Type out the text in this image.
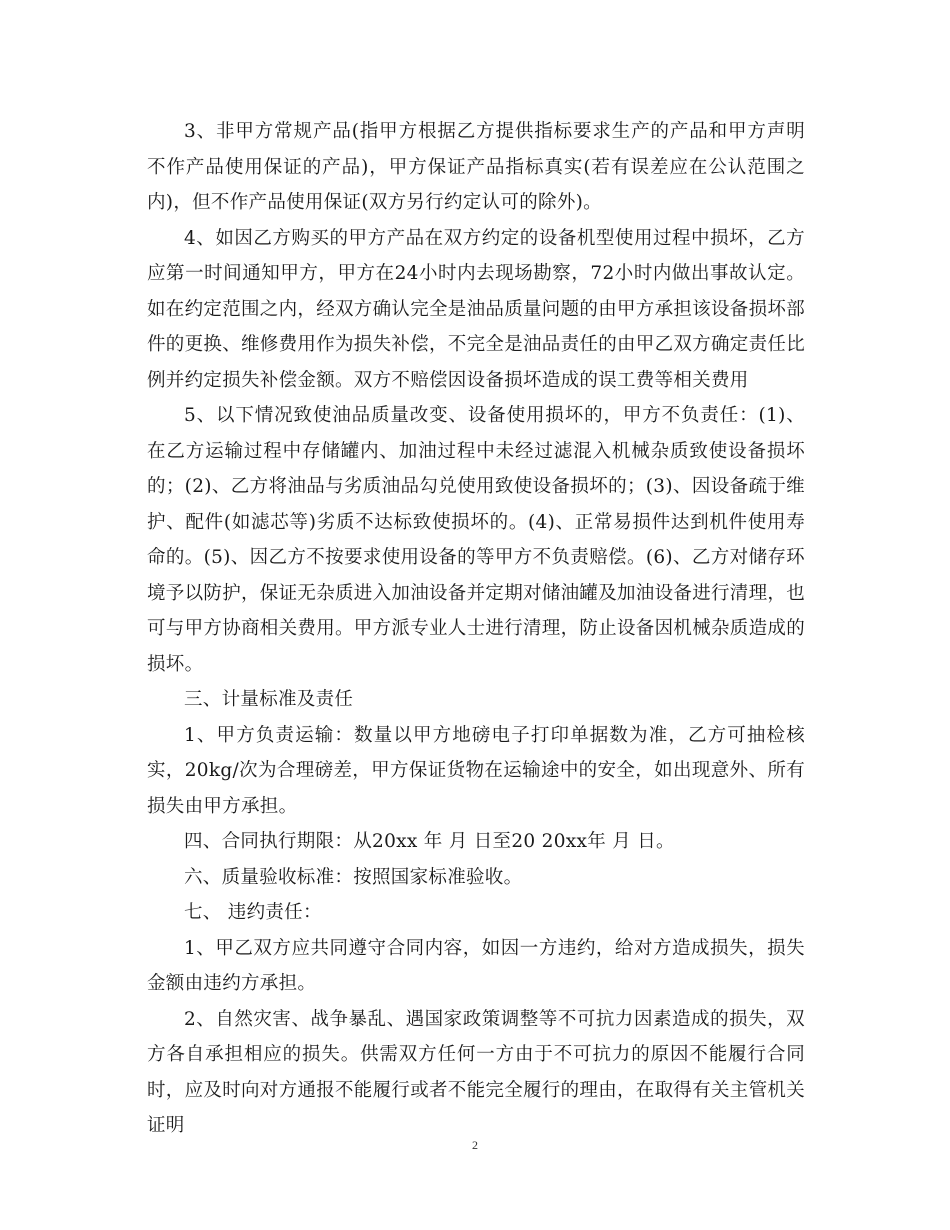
3、非甲方常规产品(指甲方根据乙方提供指标要求生产的产品和甲方声明不作产品使用保证的产品)，甲方保证产品指标真实(若有误差应在公认范围之内)，但不作产品使用保证(双方另行约定认可的除外)。

4、如因乙方购买的甲方产品在双方约定的设备机型使用过程中损坏，乙方应第一时间通知甲方，甲方在24小时内去现场勘察，72小时内做出事故认定。如在约定范围之内，经双方确认完全是油品质量问题的由甲方承担该设备损坏部件的更换、维修费用作为损失补偿，不完全是油品责任的由甲乙双方确定责任比例并约定损失补偿金额。双方不赔偿因设备损坏造成的误工费等相关费用

5、以下情况致使油品质量改变、设备使用损坏的，甲方不负责任：(1)、在乙方运输过程中存储罐内、加油过程中未经过滤混入机械杂质致使设备损坏的；(2)、乙方将油品与劣质油品勾兑使用致使设备损坏的；(3)、因设备疏于维护、配件(如滤芯等)劣质不达标致使损坏的。(4)、正常易损件达到机件使用寿命的。(5)、因乙方不按要求使用设备的等甲方不负责赔偿。(6)、乙方对储存环境予以防护，保证无杂质进入加油设备并定期对储油罐及加油设备进行清理，也可与甲方协商相关费用。甲方派专业人士进行清理，防止设备因机械杂质造成的损坏。

三、计量标准及责任

1、甲方负责运输：数量以甲方地磅电子打印单据数为准，乙方可抽检核实，20kg/次为合理磅差，甲方保证货物在运输途中的安全，如出现意外、所有损失由甲方承担。

四、合同执行期限：从20xx 年 月 日至20 20xx年 月 日。

六、质量验收标准：按照国家标准验收。

七、 违约责任：

1、甲乙双方应共同遵守合同内容，如因一方违约，给对方造成损失，损失金额由违约方承担。

2、自然灾害、战争暴乱、遇国家政策调整等不可抗力因素造成的损失，双方各自承担相应的损失。供需双方任何一方由于不可抗力的原因不能履行合同时，应及时向对方通报不能履行或者不能完全履行的理由，在取得有关主管机关证明

2
